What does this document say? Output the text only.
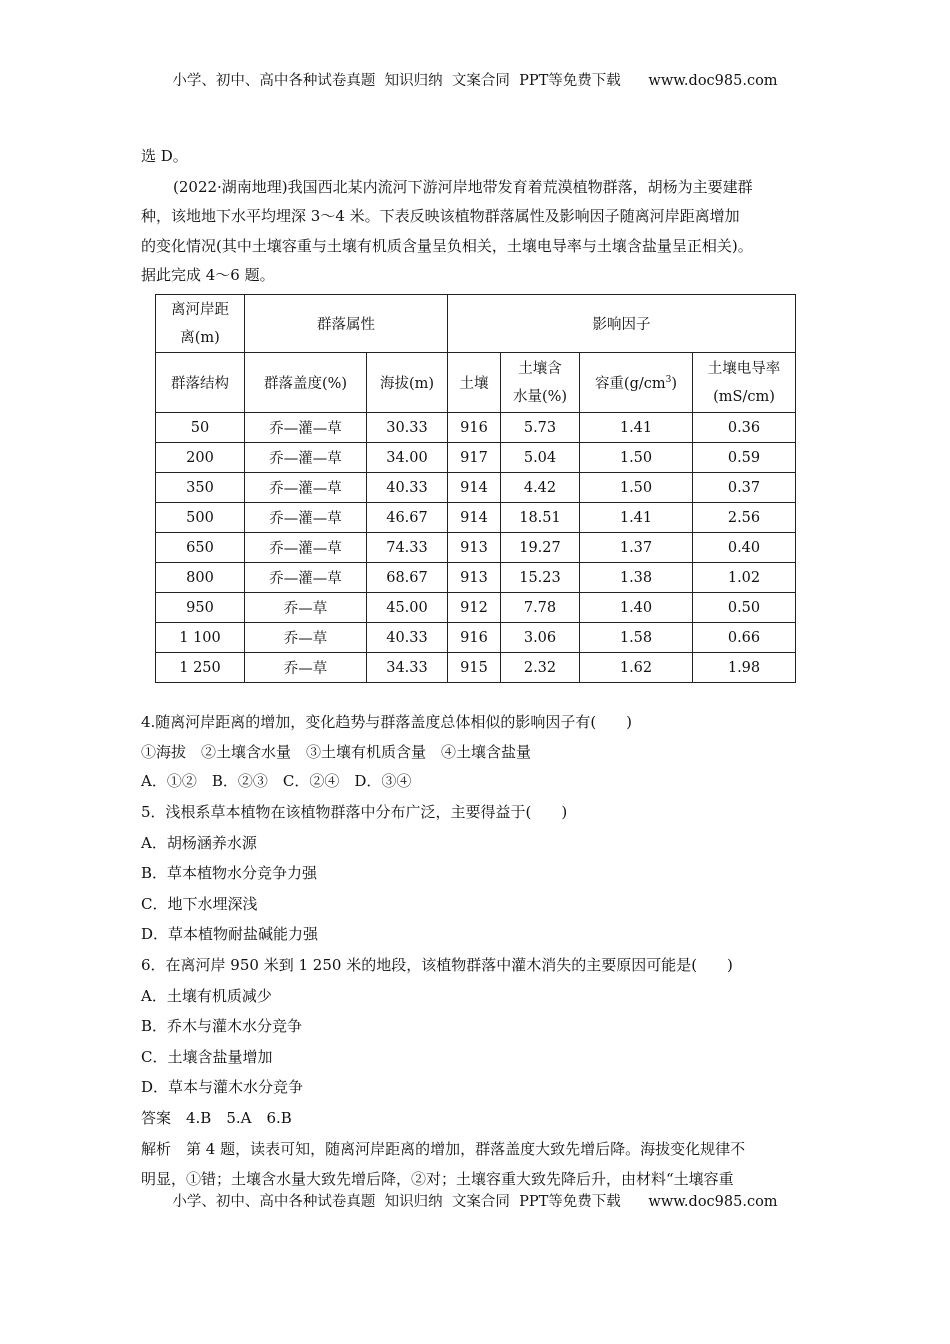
小学、初中、高中各种试卷真题  知识归纳  文案合同  PPT等免费下载      www.doc985.com
选 D。
(2022·湖南地理)我国西北某内流河下游河岸地带发育着荒漠植物群落，胡杨为主要建群
种，该地地下水平均埋深 3～4 米。下表反映该植物群落属性及影响因子随离河岸距离增加
的变化情况(其中土壤容重与土壤有机质含量呈负相关，土壤电导率与土壤含盐量呈正相关)。
据此完成 4～6 题。
离河岸距
离(m)	群落属性		影响因子			
群落结构	群落盖度(%)	海拔(m)	土壤	土壤含
水量(%)	容重$(g/cm^3)$	土壤电导率
(mS/cm)
50	乔—灌—草	30.33	916	5.73	1.41	0.36
200	乔—灌—草	34.00	917	5.04	1.50	0.59
350	乔—灌—草	40.33	914	4.42	1.50	0.37
500	乔—灌—草	46.67	914	18.51	1.41	2.56
650	乔—灌—草	74.33	913	19.27	1.37	0.40
800	乔—灌—草	68.67	913	15.23	1.38	1.02
950	乔—草	45.00	912	7.78	1.40	0.50
1 100	乔—草	40.33	916	3.06	1.58	0.66
1 250	乔—草	34.33	915	2.32	1.62	1.98
4.随离河岸距离的增加，变化趋势与群落盖度总体相似的影响因子有(　　)
①海拔　②土壤含水量　③土壤有机质含量　④土壤含盐量
A．①②　B．②③　C．②④　D．③④
5．浅根系草本植物在该植物群落中分布广泛，主要得益于(　　)
A．胡杨涵养水源
B．草本植物水分竞争力强
C．地下水埋深浅
D．草本植物耐盐碱能力强
6．在离河岸 950 米到 1 250 米的地段，该植物群落中灌木消失的主要原因可能是(　　)
A．土壤有机质减少
B．乔木与灌木水分竞争
C．土壤含盐量增加
D．草本与灌木水分竞争
答案　4.B　5.A　6.B
解析　第 4 题，读表可知，随离河岸距离的增加，群落盖度大致先增后降。海拔变化规律不
明显，①错；土壤含水量大致先增后降，②对；土壤容重大致先降后升，由材料“土壤容重
小学、初中、高中各种试卷真题  知识归纳  文案合同  PPT等免费下载      www.doc985.com
